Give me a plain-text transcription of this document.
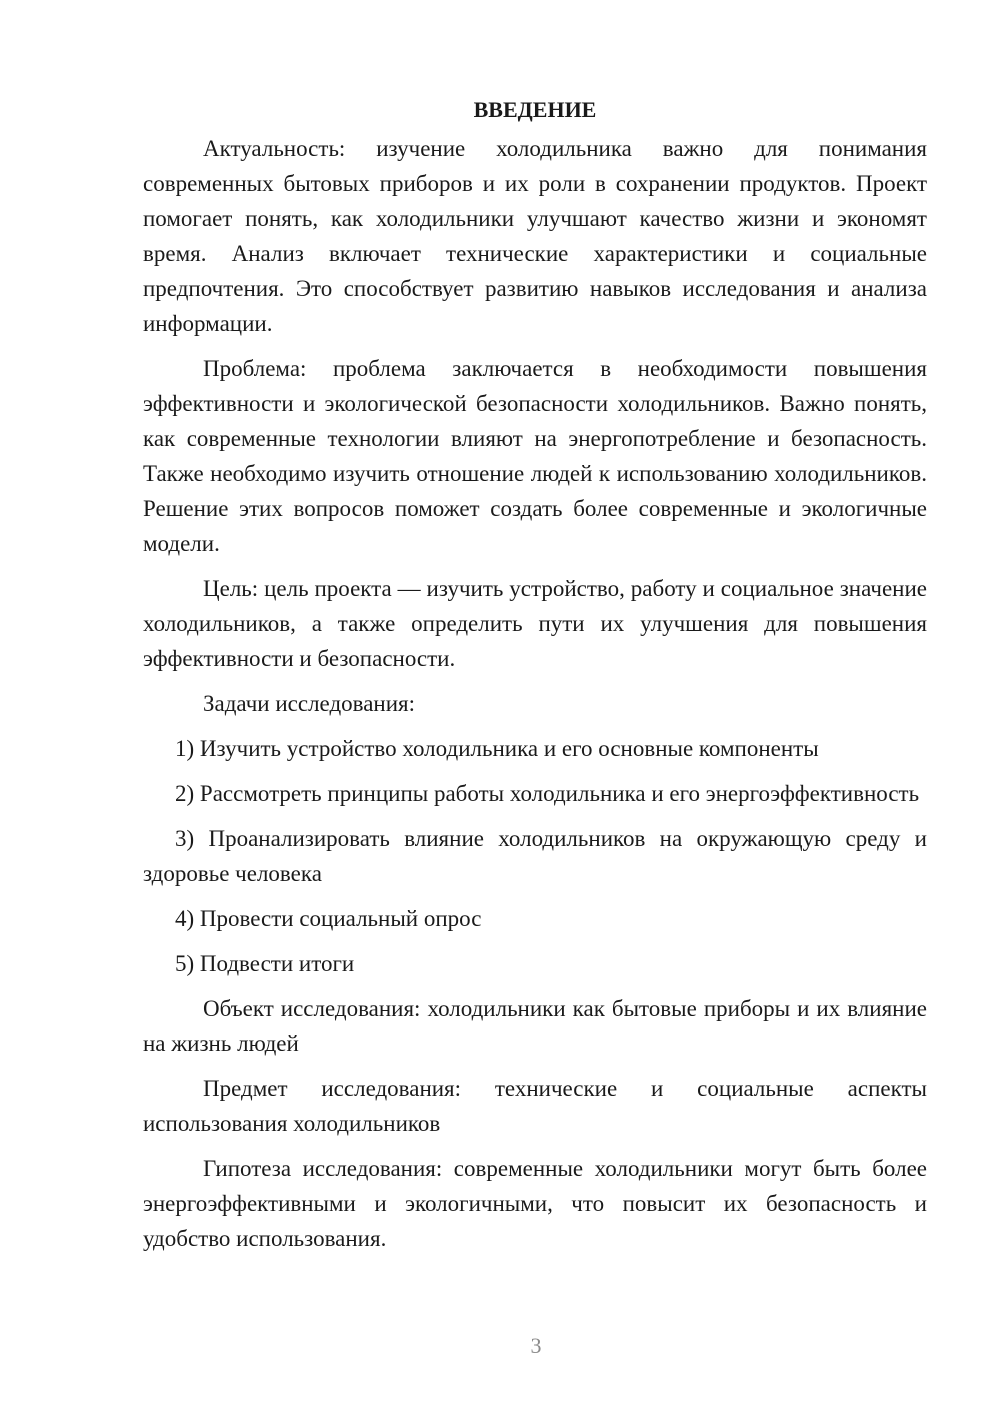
ВВЕДЕНИЕ

Актуальность: изучение холодильника важно для понимания современных бытовых приборов и их роли в сохранении продуктов. Проект помогает понять, как холодильники улучшают качество жизни и экономят время. Анализ включает технические характеристики и социальные предпочтения. Это способствует развитию навыков исследования и анализа информации.

Проблема: проблема заключается в необходимости повышения эффективности и экологической безопасности холодильников. Важно понять, как современные технологии влияют на энергопотребление и безопасность. Также необходимо изучить отношение людей к использованию холодильников. Решение этих вопросов поможет создать более современные и экологичные модели.

Цель: цель проекта — изучить устройство, работу и социальное значение холодильников, а также определить пути их улучшения для повышения эффективности и безопасности.

Задачи исследования:

1) Изучить устройство холодильника и его основные компоненты

2) Рассмотреть принципы работы холодильника и его энергоэффективность

3) Проанализировать влияние холодильников на окружающую среду и здоровье человека

4) Провести социальный опрос

5) Подвести итоги

Объект исследования: холодильники как бытовые приборы и их влияние на жизнь людей

Предмет исследования: технические и социальные аспекты использования холодильников

Гипотеза исследования: современные холодильники могут быть более энергоэффективными и экологичными, что повысит их безопасность и удобство использования.

3
